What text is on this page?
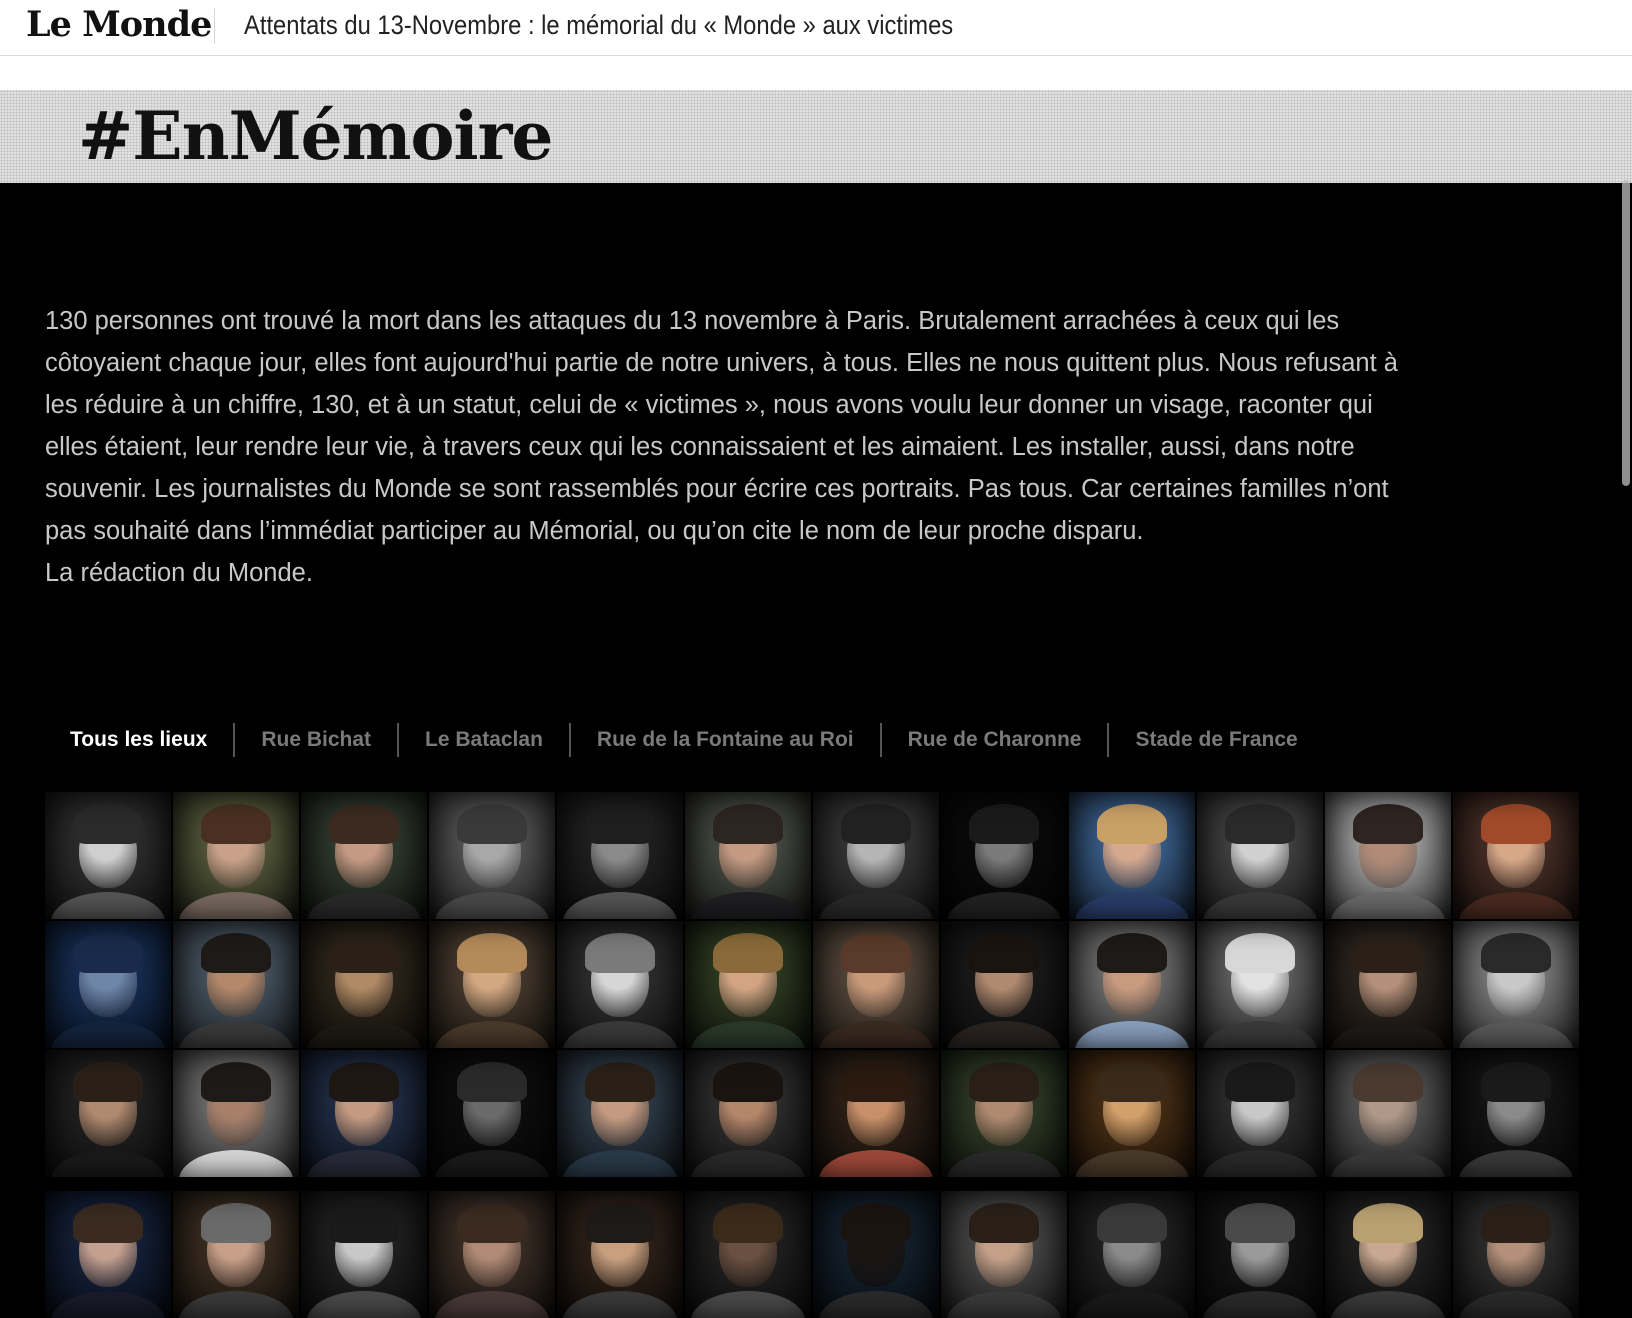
Le Monde Attentats du 13-Novembre : le mémorial du « Monde » aux victimes
#EnMémoire

130 personnes ont trouvé la mort dans les attaques du 13 novembre à Paris. Brutalement arrachées à ceux qui les côtoyaient chaque jour, elles font aujourd'hui partie de notre univers, à tous. Elles ne nous quittent plus. Nous refusant à les réduire à un chiffre, 130, et à un statut, celui de « victimes », nous avons voulu leur donner un visage, raconter qui elles étaient, leur rendre leur vie, à travers ceux qui les connaissaient et les aimaient. Les installer, aussi, dans notre souvenir. Les journalistes du Monde se sont rassemblés pour écrire ces portraits. Pas tous. Car certaines familles n’ont pas souhaité dans l’immédiat participer au Mémorial, ou qu’on cite le nom de leur proche disparu.

La rédaction du Monde.

Tous les lieux	Rue Bichat	Le Bataclan	Rue de la Fontaine au Roi	Rue de Charonne	Stade de France
